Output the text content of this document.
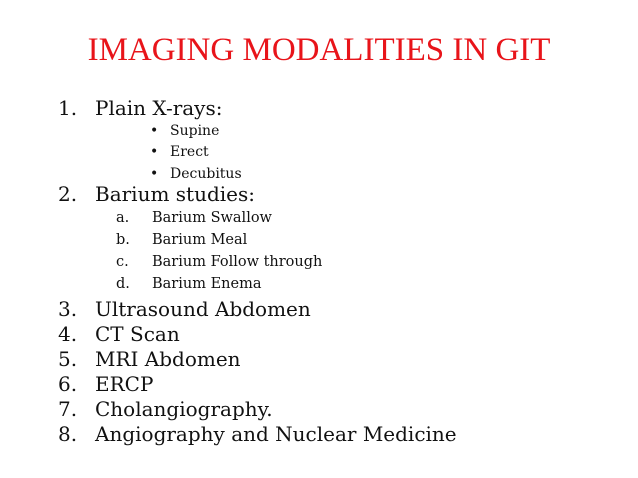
IMAGING MODALITIES IN GIT
1. Plain X-rays:
• Supine
• Erect
• Decubitus
2. Barium studies:
a. Barium Swallow
b. Barium Meal
c. Barium Follow through
d. Barium Enema
3. Ultrasound Abdomen
4. CT Scan
5. MRI Abdomen
6. ERCP
7. Cholangiography.
8. Angiography and Nuclear Medicine
